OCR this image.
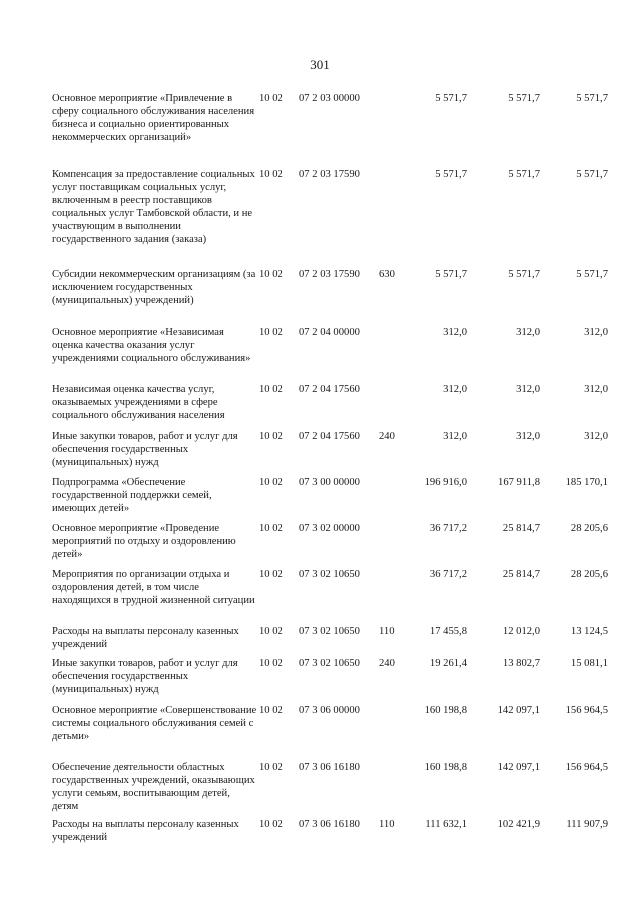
301
Основное мероприятие «Привлечение в сферу социального обслуживания населения бизнеса и социально ориентированных некоммерческих организаций»
10 02 07 2 03 00000	5 571,7	5 571,7	5 571,7
Компенсация за предоставление социальных услуг поставщикам социальных услуг, включенным в реестр поставщиков социальных услуг Тамбовской области, и не участвующим в выполнении государственного задания (заказа)
10 02 07 2 03 17590	5 571,7	5 571,7	5 571,7
Субсидии некоммерческим организациям (за исключением государственных (муниципальных) учреждений)
10 02 07 2 03 17590 630	5 571,7	5 571,7	5 571,7
Основное мероприятие «Независимая оценка качества оказания услуг учреждениями социального обслуживания»
10 02 07 2 04 00000	312,0	312,0	312,0
Независимая оценка качества услуг, оказываемых учреждениями в сфере социального обслуживания населения
10 02 07 2 04 17560	312,0	312,0	312,0
Иные закупки товаров, работ и услуг для обеспечения государственных (муниципальных) нужд
10 02 07 2 04 17560 240	312,0	312,0	312,0
Подпрограмма «Обеспечение государственной поддержки семей, имеющих детей»
10 02 07 3 00 00000	196 916,0	167 911,8	185 170,1
Основное мероприятие «Проведение мероприятий по отдыху и оздоровлению детей»
10 02 07 3 02 00000	36 717,2	25 814,7	28 205,6
Мероприятия по организации отдыха и оздоровления детей, в том числе находящихся в трудной жизненной ситуации
10 02 07 3 02 10650	36 717,2	25 814,7	28 205,6
Расходы на выплаты персоналу казенных учреждений
10 02 07 3 02 10650 110	17 455,8	12 012,0	13 124,5
Иные закупки товаров, работ и услуг для обеспечения государственных (муниципальных) нужд
10 02 07 3 02 10650 240	19 261,4	13 802,7	15 081,1
Основное мероприятие «Совершенствование системы социального обслуживания семей с детьми»
10 02 07 3 06 00000	160 198,8	142 097,1	156 964,5
Обеспечение деятельности областных государственных учреждений, оказывающих услуги семьям, воспитывающим детей, детям
10 02 07 3 06 16180	160 198,8	142 097,1	156 964,5
Расходы на выплаты персоналу казенных учреждений
10 02 07 3 06 16180 110	111 632,1	102 421,9	111 907,9
